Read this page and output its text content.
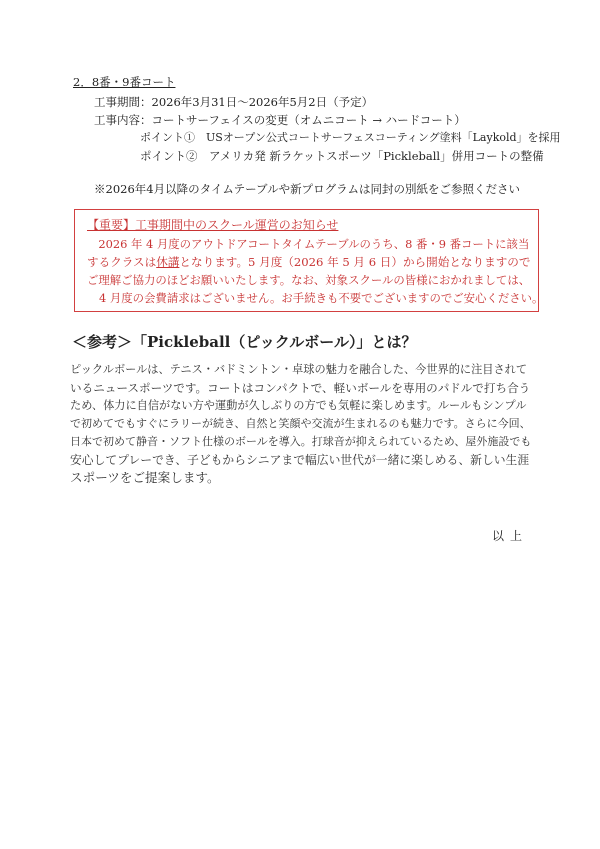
2．8番・9番コート
工事期間：2026年3月31日～2026年5月2日（予定）
工事内容：コートサーフェイスの変更（オムニコート → ハードコート）
ポイント①　USオープン公式コートサーフェスコーティング塗料「Laykold」を採用
ポイント②　アメリカ発 新ラケットスポーツ「Pickleball」併用コートの整備
※2026年4月以降のタイムテーブルや新プログラムは同封の別紙をご参照ください
【重要】工事期間中のスクール運営のお知らせ
　2026 年 4 月度のアウトドアコートタイムテーブルのうち、8 番・9 番コートに該当
するクラスは休講となります。5 月度（2026 年 5 月 6 日）から開始となりますので
ご理解ご協力のほどお願いいたします。なお、対象スクールの皆様におかれましては、
4 月度の会費請求はございません。お手続きも不要でございますのでご安心ください。
＜参考＞「Pickleball（ピックルボール）」とは？
ピックルボールは、テニス・バドミントン・卓球の魅力を融合した、今世界的に注目されて
いるニュースポーツです。コートはコンパクトで、軽いボールを専用のパドルで打ち合う
ため、体力に自信がない方や運動が久しぶりの方でも気軽に楽しめます。ルールもシンプル
で初めてでもすぐにラリーが続き、自然と笑顔や交流が生まれるのも魅力です。さらに今回、
日本で初めて静音・ソフト仕様のボールを導入。打球音が抑えられているため、屋外施設でも
安心してプレーでき、子どもからシニアまで幅広い世代が一緒に楽しめる、新しい生涯
スポーツをご提案します。
以上
